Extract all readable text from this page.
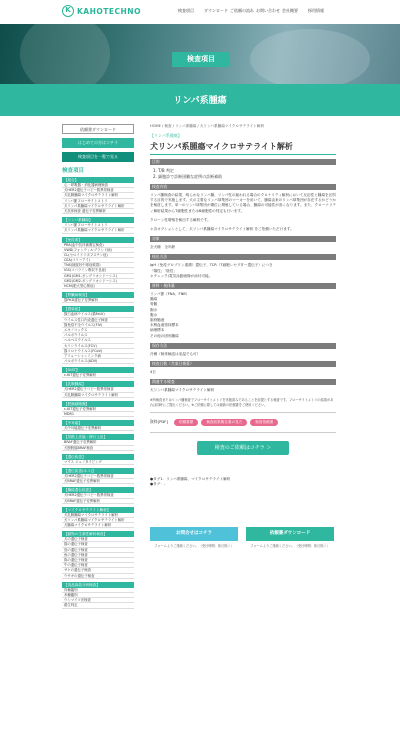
K KAHOTECHNO	検査項目	ダウンロード ご依頼の流れ お問い合わせ 会社概要	採用情報
検査項目
リンパ系腫瘍
依頼書ダウンロード
はじめての方はコチラ
検査項目を一覧で見る
検査項目
【総合】
心・呼吸器・消化器病理検査
犬HER2遺伝子コピー数異常検査
犬乳腺腫瘍マイクロサテライト解析
リンパ節フローサイトメトリ
犬リンパ系腫瘍マイクロサテライト解析
犬抗体検査 遺伝子変異解析
【リンパ系腫瘍】
リンパ節フローサイトメトリ
犬リンパ系腫瘍マイクロサテライト解析
【免疫系】
PRA(血中抗体価測定検査)
VWD(フォンウィルブランド病)
CL(セロイドリポフスチン症)
CEA(コリーアイ)
TNS(捕捉好中球症候群)
IGS(コバラミン吸収不良症)
GM1(GM1-ガングリオシドーシス)
GM2(GM2-ガングリオシドーシス)
HCM(肥大型心筋症)
【腎臓病検査】
猫PKD遺伝子変異解析
【感染症】
猫白血病ウイルス(猫FeLV)
ウイルス性口内炎遺伝子検査
猫免疫不全ウイルス(FIV)
エキノコックス
パルボウイルス
ヘルペスウイルス
カリシウイルス(FCV)
猫コロナウイルス(FCoV)
アリューシャンミンク病
パルボウイルス(ADV)
【GIST】
c-KIT遺伝子変異解析
【乳腺腫瘍】
犬HER2遺伝子コピー数異常検査
犬乳腺腫瘍マイクロサテライト解析
【肥満細胞腫】
c-KIT遺伝子変異解析
MDR1
【中耳癌】
犬中耳癌遺伝子変異解析
【尿路上皮癌・移行上皮】
BRAF遺伝子変異解析
犬膀胱癌BRAF検査
【遺伝疾患】
マウス ジェノタイピング
【遺伝疾患(ネコ)】
犬HER2遺伝子コピー数異常検査
犬BRAF遺伝子変異解析
【腫瘍遺伝疾患】
犬HER2遺伝子コピー数異常検査
犬BRAF遺伝子変異解析
【マイクロサテライト解析】
犬乳腺腫瘍マイクロサテライト解析
犬リンパ系腫瘍マイクロサテライト解析
犬腫瘍マイクロサテライト解析
【動物の生薬性解析検査】
犬の遺伝子検査
猫の遺伝子検査
鳥の遺伝子検査
魚の遺伝子検査
豚の遺伝子検査
牛の遺伝子検査
サケの遺伝子検査
ウサギの遺伝子検査
【食品偽装分析検査】
肉種鑑別
米種鑑別
ウシマイコ法検査
鶏生判定
HOME / 検査 / リンパ系腫瘍 / 犬リンパ系腫瘍マイクロサテライト解析
【リンパ系腫瘍】
犬リンパ系腫瘍マイクロサテライト解析
目的
1. T/B 判定
2. 細胞診で診断困難な症例の診断補助
検査内容

リンパ腫検査の結果、明らかなリンパ腫、リンパ性の疑われる場合のクロナリティ解析において反応性と腫瘍を区別する目的で実施します。犬の主要なリンパ球集団のマーカーを用いて、腫瘍由来のリンパ球集団が存在するかどうかを検討します。単一のリンパ球集団が優位に増殖している場合、腫瘍の可能性が高くなります。また、クローナリティ解析結果からT細胞性またはB細胞性の判定も行います。

クローン性増殖を検出する解析です。

＊各オプションとして、犬リンパ系腫瘍マイクロサテライト解析 をご依頼いただけます。

対象

全犬種　全年齢

検出方法

IgH（免疫グロブリン重鎖）遺伝子、TCR（T細胞レセプター遺伝子）につき

「陽性」「陰性」

＊チェック/電気泳動画像が添付可能。

材料・検体量

リンパ節（FNA、FNB）

腫瘍

骨髄

胸水

腹水

脳脊髄液

末梢血液塗抹標本

病理標本

その他の固形腫瘍

保存方法

冷蔵（検体輸送は室温でも可）

検査日数（営業日換算）

4日

関連する検査

犬リンパ系腫瘍マイクロサテライト解析

※所検査またはリンパ腫検査でフローサイトメトリを実施済みであることを前提とする検査です。フローサイトメトリの結果があれば同時にご提出ください。※ご依頼に際しては最新の依頼書をご使用ください。

資料[PDF]	依頼書類	検査結果報告書の見方	検査依頼書
検査のご依頼はコチラ ＞

●タグ1：リンパ系腫瘍、マイクロサテライト解析

●タグ：-

お問合せはコチラ

フォームよりご連絡ください。（受付時間：休日除く）

依頼書ダウンロード

フォームよりご連絡ください。（受付時間：休日除く）
